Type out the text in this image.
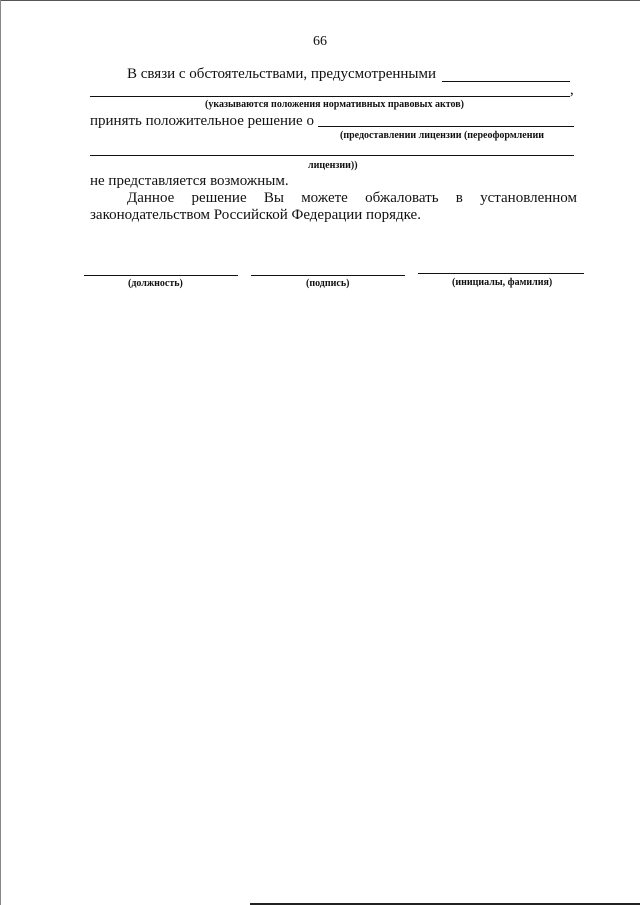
66
В связи с обстоятельствами, предусмотренными
,
(указываются положения нормативных правовых актов)
принять положительное решение о
(предоставлении лицензии (переоформлении
лицензии))
не представляется возможным.
Данное решение Вы можете обжаловать в установленном
законодательством Российской Федерации порядке.
(должность)	(подпись)	(инициалы, фамилия)
